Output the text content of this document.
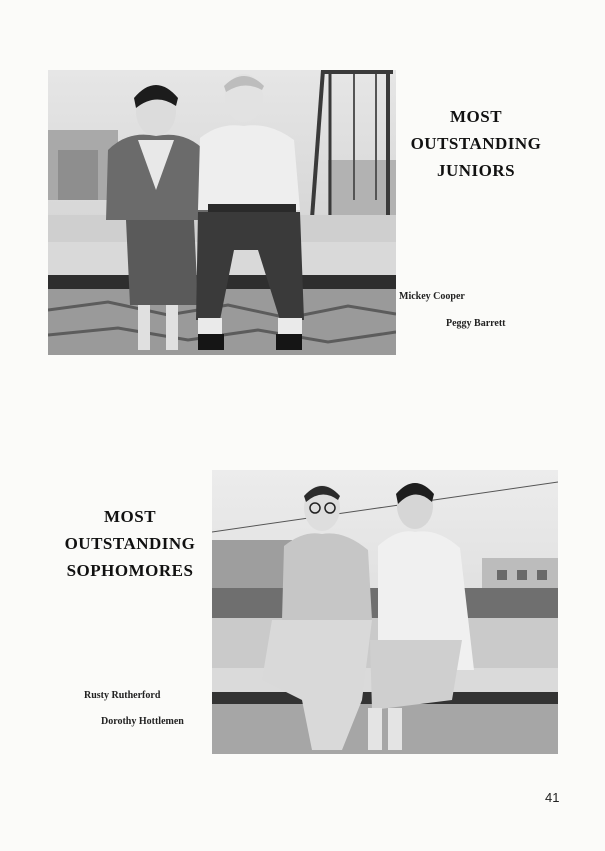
MOST
OUTSTANDING
JUNIORS
Mickey Cooper
Peggy Barrett
MOST
OUTSTANDING
SOPHOMORES
Rusty Rutherford
Dorothy Hottlemen
41
